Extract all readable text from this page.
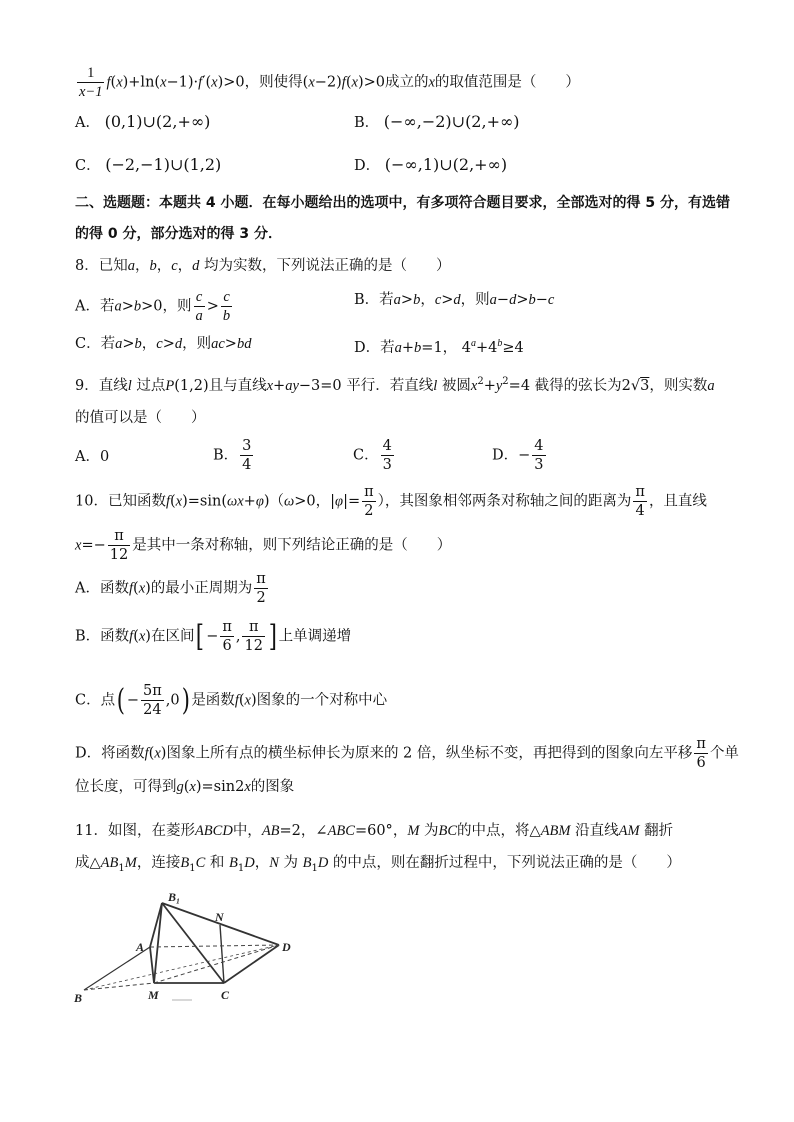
$\frac{1}{x-1} f(x)+\ln(x-1)\cdot f'(x)>0$，则使得(x−2)f(x)>0成立的x的取值范围是（　　）
A． (0,1)∪(2,+∞)	B． (−∞,−2)∪(2,+∞)
C． (−2,−1)∪(1,2)	D． (−∞,1)∪(2,+∞)
二、选题题：本题共 4 小题．在每小题给出的选项中，有多项符合题目要求，全部选对的得 5 分，有选错
的得 0 分，部分选对的得 3 分．
8．已知a，b，c，d 均为实数，下列说法正确的是（　　）
A．若a>b>0，则 $\frac{c}{a} > \frac{c}{b}$	B．若a>b，c>d，则a−d>b−c
C．若a>b，c>d，则ac>bd	D．若a+b=1， $4^a+4^b\ge 4$
9．直线l 过点P(1,2)且与直线x+ay−3=0 平行．若直线l 被圆$x^2+y^2=4$ 截得的弦长为2√3，则实数a
的值可以是（　　）
A．0	B． $\frac{3}{4}$	C． $\frac{4}{3}$	D．− $\frac{4}{3}$
10．已知函数f(x)=sin(ωx+φ)（ω>0，$|\varphi|= \frac{\pi}{2}$ ），其图象相邻两条对称轴之间的距离为 $\frac{\pi}{4}$ ，且直线
$x=- \frac{\pi}{12}$ 是其中一条对称轴，则下列结论正确的是（　　）
A．函数f(x)的最小正周期为 $\frac{\pi}{2}$
B．函数f(x)在区间[ − $\frac{\pi}{6}$ , $\frac{\pi}{12}$ ] 上单调递增
C．点( − $\frac{5\pi}{24} ,0$) 是函数f(x)图象的一个对称中心
D．将函数f(x)图象上所有点的横坐标伸长为原来的 2 倍，纵坐标不变，再把得到的图象向左平移 $\frac{\pi}{6}$ 个单
位长度，可得到g(x)=sin2x的图象
11．如图，在菱形ABCD中，AB=2，∠ABC=60°，M 为BC的中点，将△ABM 沿直线AM 翻折
成$\triangle AB_1M$，连接$B_1C$ 和 $B_1D$，N 为 $B_1D$ 的中点，则在翻折过程中，下列说法正确的是（　　）
B₁
N
A	D
B	M	C
